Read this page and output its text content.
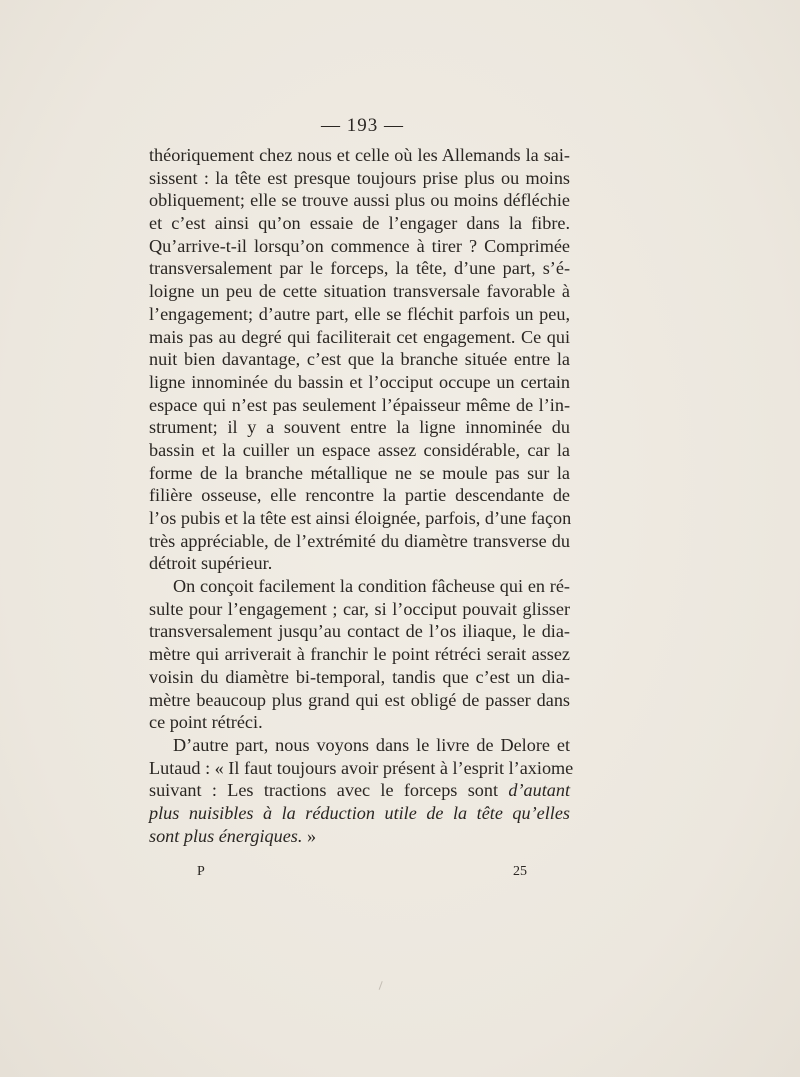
— 193 —
théoriquement chez nous et celle où les Allemands la sai-
sissent : la tête est presque toujours prise plus ou moins
obliquement; elle se trouve aussi plus ou moins défléchie
et c’est ainsi qu’on essaie de l’engager dans la fibre.
Qu’arrive-t-il lorsqu’on commence à tirer ? Comprimée
transversalement par le forceps, la tête, d’une part, s’é-
loigne un peu de cette situation transversale favorable à
l’engagement; d’autre part, elle se fléchit parfois un peu,
mais pas au degré qui faciliterait cet engagement. Ce qui
nuit bien davantage, c’est que la branche située entre la
ligne innominée du bassin et l’occiput occupe un certain
espace qui n’est pas seulement l’épaisseur même de l’in-
strument; il y a souvent entre la ligne innominée du
bassin et la cuiller un espace assez considérable, car la
forme de la branche métallique ne se moule pas sur la
filière osseuse, elle rencontre la partie descendante de
l’os pubis et la tête est ainsi éloignée, parfois, d’une façon
très appréciable, de l’extrémité du diamètre transverse du
détroit supérieur.
On conçoit facilement la condition fâcheuse qui en ré-
sulte pour l’engagement ; car, si l’occiput pouvait glisser
transversalement jusqu’au contact de l’os iliaque, le dia-
mètre qui arriverait à franchir le point rétréci serait assez
voisin du diamètre bi-temporal, tandis que c’est un dia-
mètre beaucoup plus grand qui est obligé de passer dans
ce point rétréci.
D’autre part, nous voyons dans le livre de Delore et
Lutaud : « Il faut toujours avoir présent à l’esprit l’axiome
suivant : Les tractions avec le forceps sont d’autant
plus nuisibles à la réduction utile de la tête qu’elles
sont plus énergiques. »
P	25
